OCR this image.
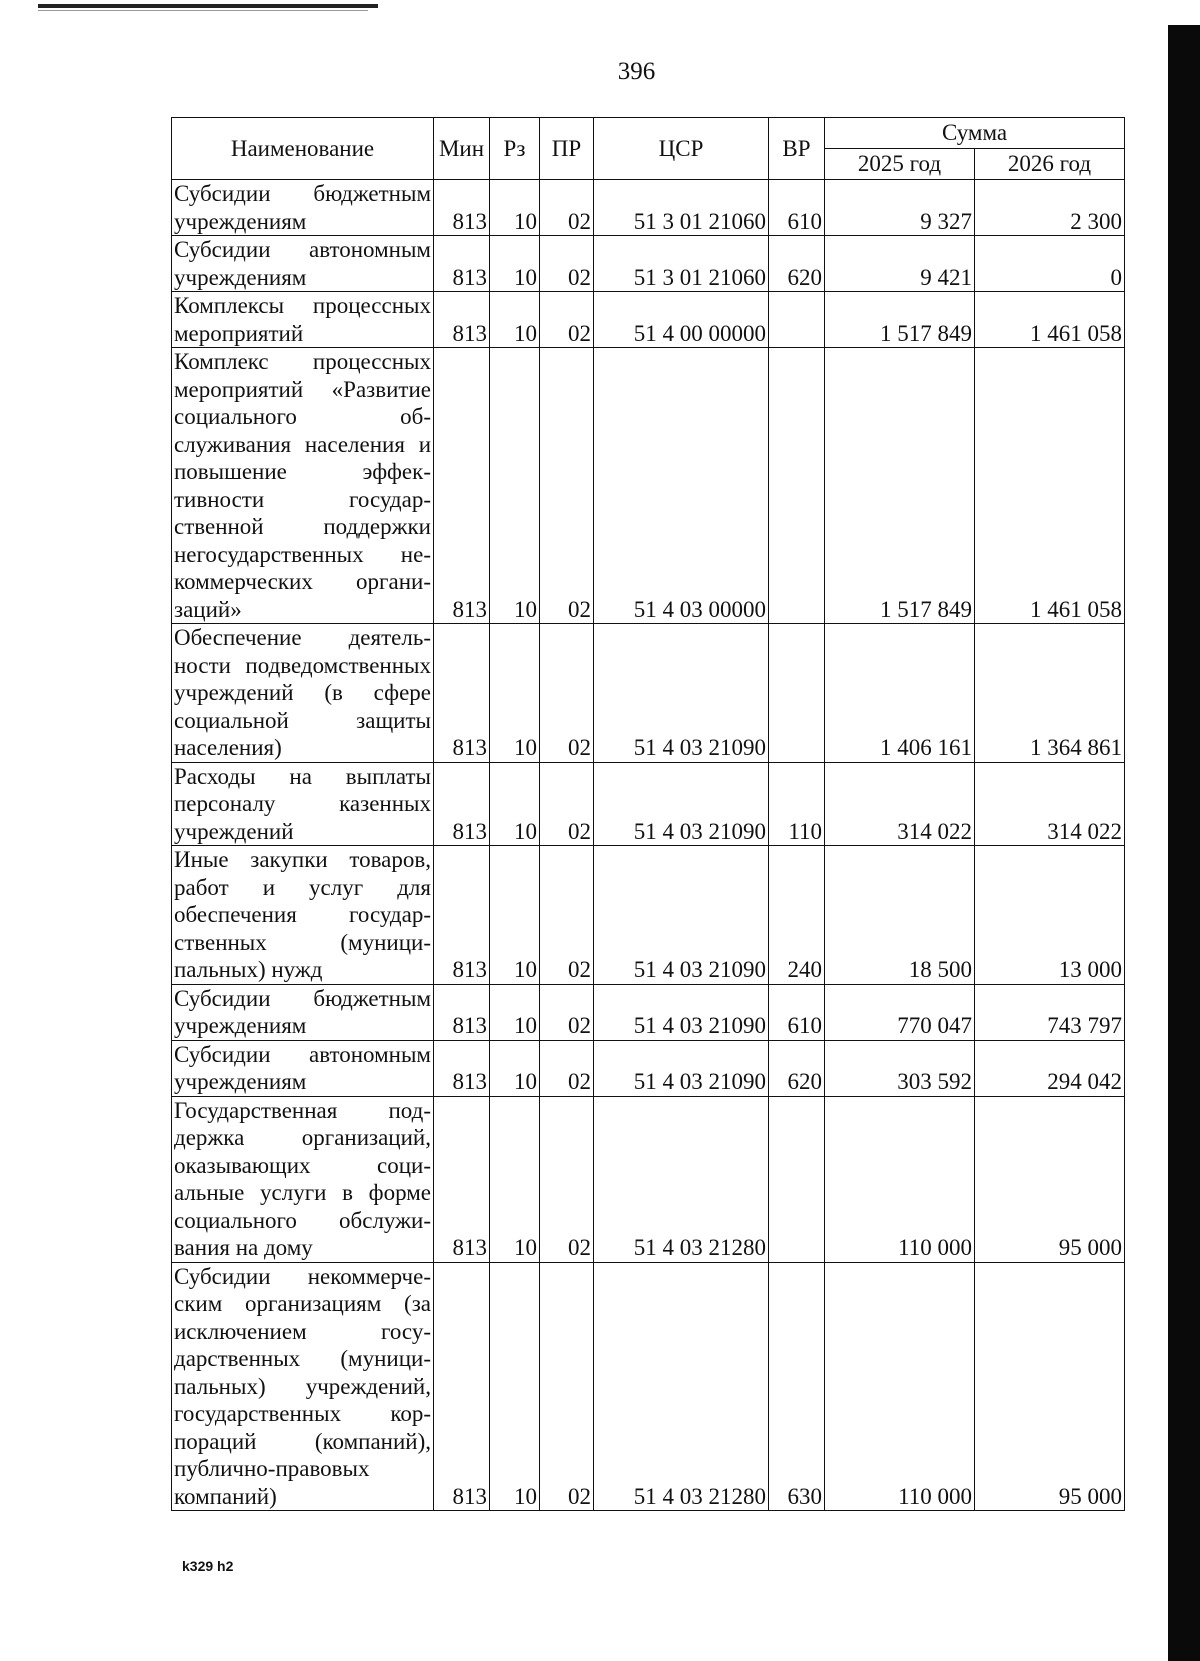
396
Наименование	Мин	Рз	ПР	ЦСР	ВР	Сумма	
						2025 год	2026 год
Субсидии бюджетным учреждениям	813	10	02	51 3 01 21060	610	9 327	2 300
Субсидии автономным учреждениям	813	10	02	51 3 01 21060	620	9 421	0
Комплексы процессных мероприятий	813	10	02	51 4 00 00000		1 517 849	1 461 058
Комплекс процессных мероприятий «Развитие социального обслуживания населения и повышение эффективности государственной поддержки негосударственных некоммерческих организаций»	813	10	02	51 4 03 00000		1 517 849	1 461 058
Обеспечение деятельности подведомственных учреждений (в сфере социальной защиты населения)	813	10	02	51 4 03 21090		1 406 161	1 364 861
Расходы на выплаты персоналу казенных учреждений	813	10	02	51 4 03 21090	110	314 022	314 022
Иные закупки товаров, работ и услуг для обеспечения государственных (муниципальных) нужд	813	10	02	51 4 03 21090	240	18 500	13 000
Субсидии бюджетным учреждениям	813	10	02	51 4 03 21090	610	770 047	743 797
Субсидии автономным учреждениям	813	10	02	51 4 03 21090	620	303 592	294 042
Государственная поддержка организаций, оказывающих социальные услуги в форме социального обслуживания на дому	813	10	02	51 4 03 21280		110 000	95 000
Субсидии некоммерческим организациям (за исключением государственных (муниципальных) учреждений, государственных корпораций (компаний), публично-правовых компаний)	813	10	02	51 4 03 21280	630	110 000	95 000
k329 h2
